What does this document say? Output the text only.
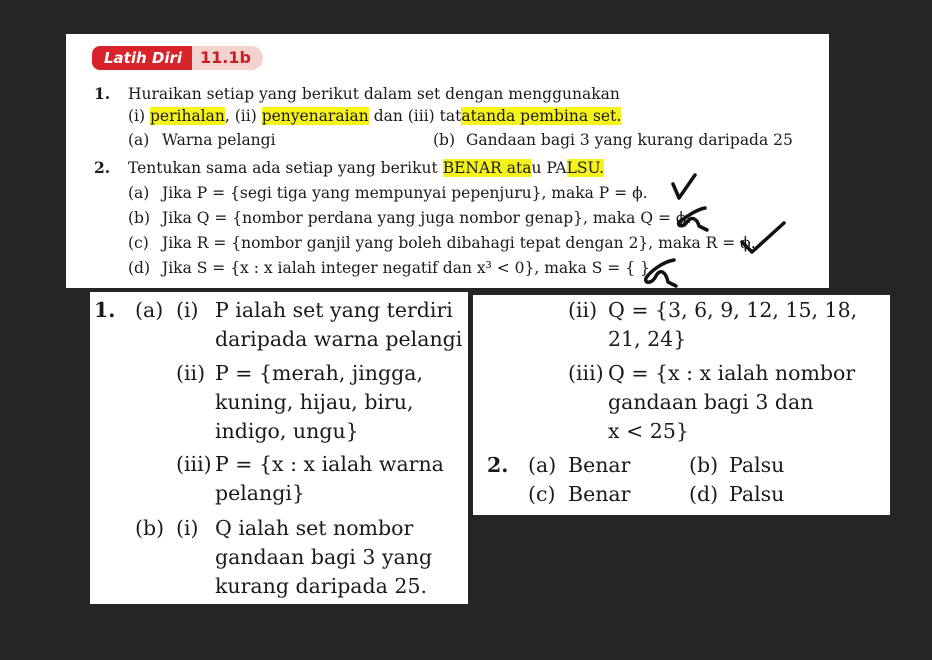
Latih Diri	11.1b
1. Huraikan setiap yang berikut dalam set dengan menggunakan
(i) perihalan, (ii) penyenaraian dan (iii) tatatanda pembina set.
(a) Warna pelangi	(b) Gandaan bagi 3 yang kurang daripada 25
2. Tentukan sama ada setiap yang berikut BENAR atau PALSU.
(a) Jika P = {segi tiga yang mempunyai pepenjuru}, maka P = ϕ.
(b) Jika Q = {nombor perdana yang juga nombor genap}, maka Q = ϕ.
(c) Jika R = {nombor ganjil yang boleh dibahagi tepat dengan 2}, maka R = ϕ.
(d) Jika S = {x : x ialah integer negatif dan x³ < 0}, maka S = { }.
1. (a) (i) P ialah set yang terdiri
daripada warna pelangi
(ii) P = {merah, jingga,
kuning, hijau, biru,
indigo, ungu}
(iii) P = {x : x ialah warna
pelangi}
(b) (i) Q ialah set nombor
gandaan bagi 3 yang
kurang daripada 25.
(ii) Q = {3, 6, 9, 12, 15, 18,
21, 24}
(iii) Q = {x : x ialah nombor
gandaan bagi 3 dan
x < 25}
2. (a) Benar	(b) Palsu
(c) Benar	(d) Palsu
